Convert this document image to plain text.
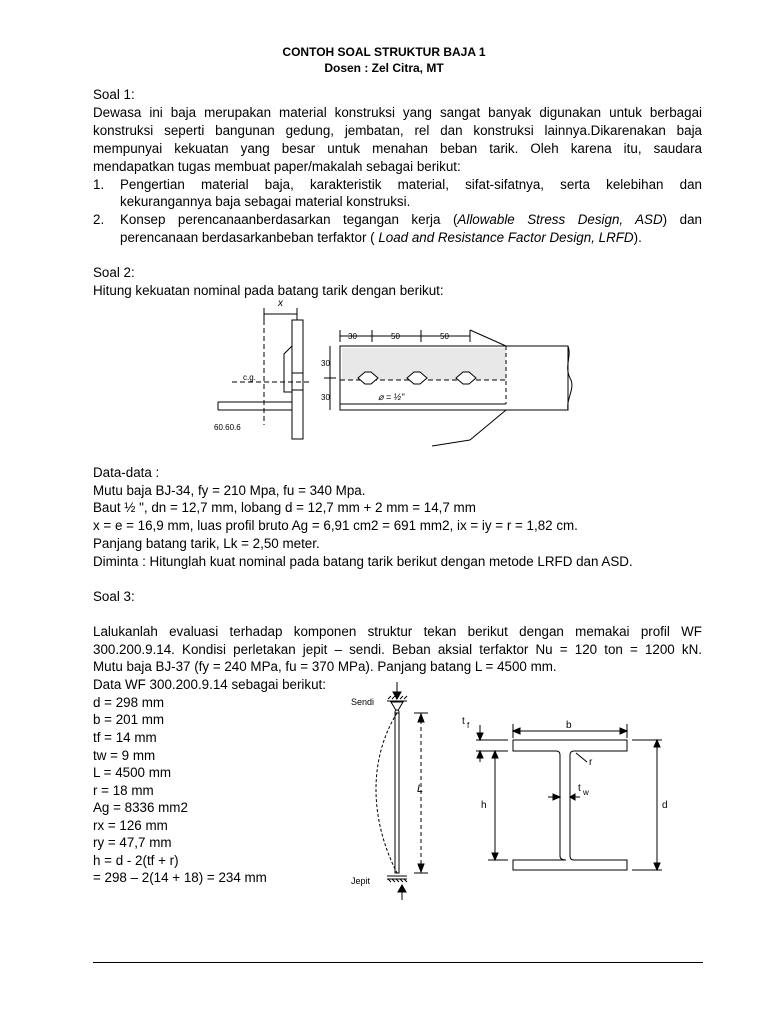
CONTOH SOAL STRUKTUR BAJA 1
Dosen : Zel Citra, MT
Soal 1:
Dewasa ini baja merupakan material konstruksi yang sangat banyak digunakan untuk berbagai
konstruksi seperti bangunan gedung, jembatan, rel dan konstruksi lainnya.Dikarenakan baja
mempunyai kekuatan yang besar untuk menahan beban tarik. Oleh karena itu, saudara
mendapatkan tugas membuat paper/makalah sebagai berikut:
1. Pengertian material baja, karakteristik material, sifat-sifatnya, serta kelebihan dan
kekurangannya baja sebagai material konstruksi.
2. Konsep perencanaanberdasarkan tegangan kerja (Allowable Stress Design, ASD) dan
perencanaan berdasarkanbeban terfaktor ( Load and Resistance Factor Design, LRFD).
Soal 2:
Hitung kekuatan nominal pada batang tarik dengan berikut:
x
c.g.
60.60.6
30	50	50
30
30	⌀ = ½"
Data-data :
Mutu baja BJ-34, fy = 210 Mpa, fu = 340 Mpa.
Baut ½ ", dn = 12,7 mm, lobang d = 12,7 mm + 2 mm = 14,7 mm
x = e = 16,9 mm, luas profil bruto Ag = 6,91 cm2 = 691 mm2, ix = iy = r = 1,82 cm.
Panjang batang tarik, Lk = 2,50 meter.
Diminta : Hitunglah kuat nominal pada batang tarik berikut dengan metode LRFD dan ASD.
Soal 3:
Lalukanlah evaluasi terhadap komponen struktur tekan berikut dengan memakai profil WF
300.200.9.14. Kondisi perletakan jepit – sendi. Beban aksial terfaktor Nu = 120 ton = 1200 kN.
Mutu baja BJ-37 (fy = 240 MPa, fu = 370 MPa). Panjang batang L = 4500 mm.
Data WF 300.200.9.14 sebagai berikut:
d = 298 mm
b = 201 mm
tf = 14 mm
tw = 9 mm
L = 4500 mm
r = 18 mm
Ag = 8336 mm2
rx = 126 mm
ry = 47,7 mm
h = d - 2(tf + r)
= 298 – 2(14 + 18) = 234 mm
Sendi
Jepit
L
t f	b
r
h
t w
d
